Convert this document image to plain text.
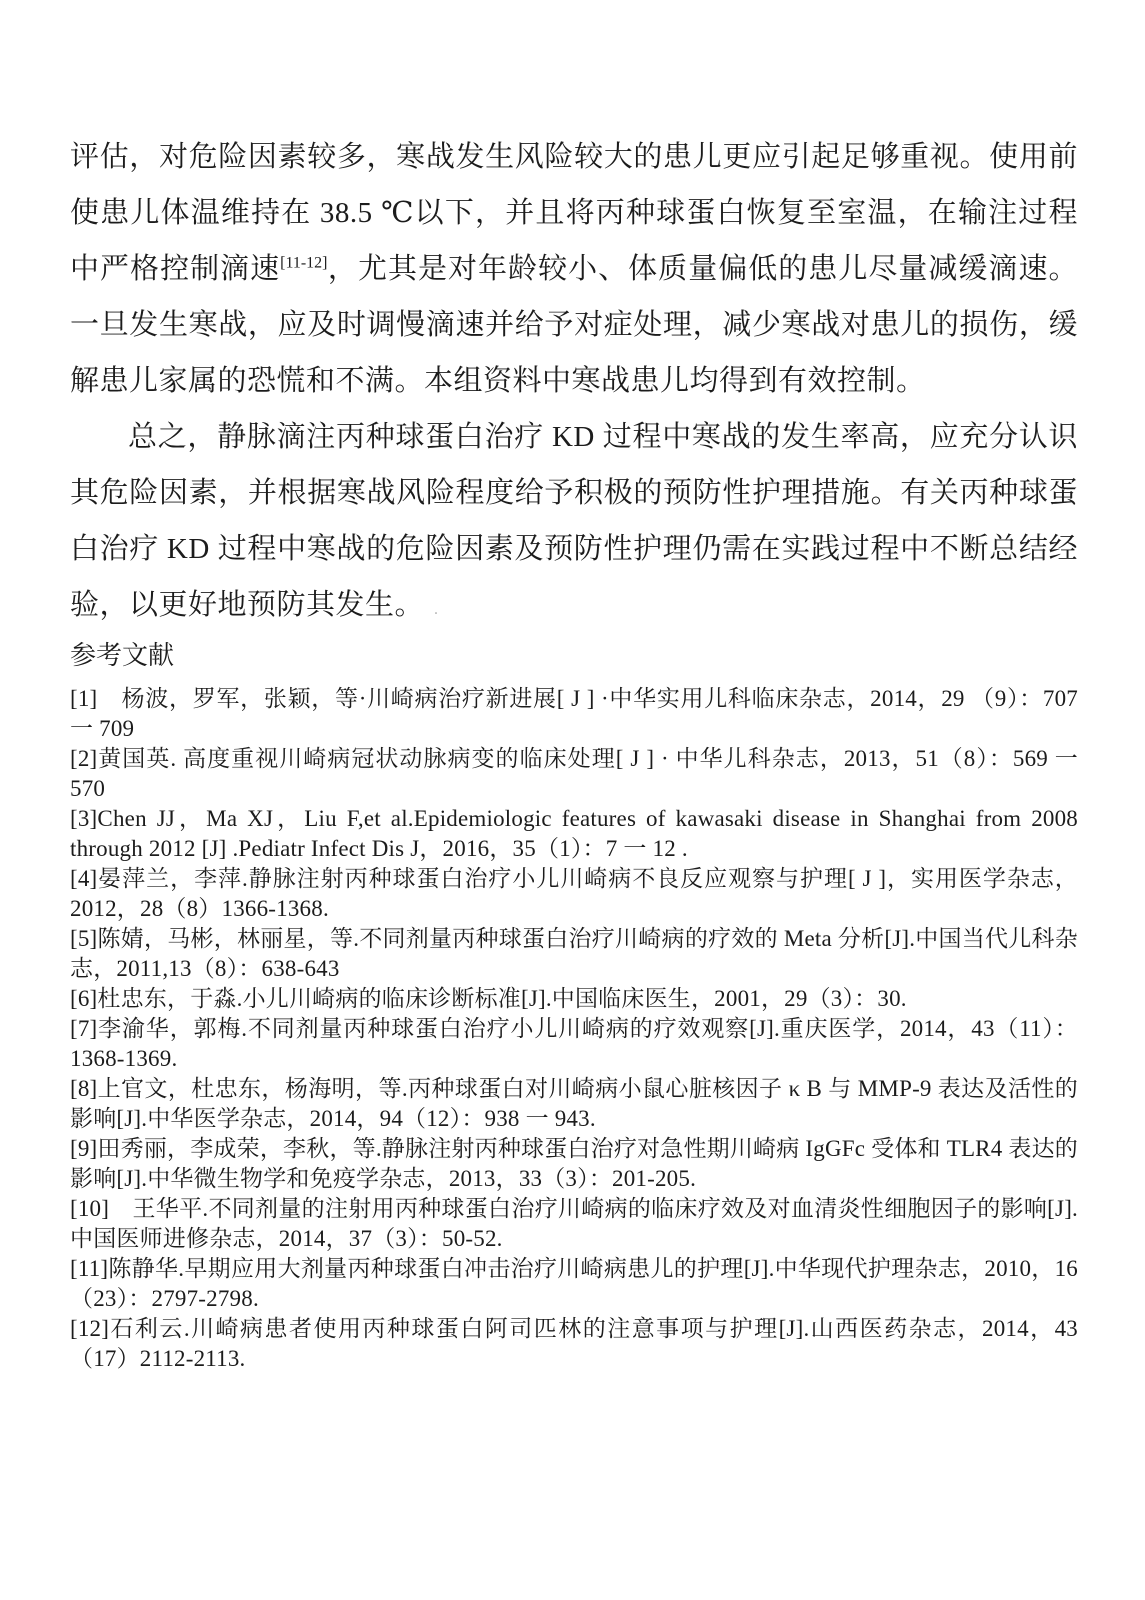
评估，对危险因素较多，寒战发生风险较大的患儿更应引起足够重视。使用前使患儿体温维持在 38.5 ℃以下，并且将丙种球蛋白恢复至室温，在输注过程中严格控制滴速[11-12]，尤其是对年龄较小、体质量偏低的患儿尽量减缓滴速。一旦发生寒战，应及时调慢滴速并给予对症处理，减少寒战对患儿的损伤，缓解患儿家属的恐慌和不满。本组资料中寒战患儿均得到有效控制。

总之，静脉滴注丙种球蛋白治疗 KD 过程中寒战的发生率高，应充分认识其危险因素，并根据寒战风险程度给予积极的预防性护理措施。有关丙种球蛋白治疗 KD 过程中寒战的危险因素及预防性护理仍需在实践过程中不断总结经验，以更好地预防其发生。 .

参考文献

[1]　杨波，罗军，张颖，等·川崎病治疗新进展[ J ] ·中华实用儿科临床杂志，2014，29 （9）：707 一 709

[2]黄国英. 高度重视川崎病冠状动脉病变的临床处理[ J ] · 中华儿科杂志，2013，51（8）：569 一 570

[3]Chen JJ，Ma XJ，Liu F,et al.Epidemiologic features of kawasaki disease in Shanghai from 2008 through 2012 [J] .Pediatr Infect Dis J，2016，35（1）：7 一 12 .

[4]晏萍兰，李萍.静脉注射丙种球蛋白治疗小儿川崎病不良反应观察与护理[ J ]，实用医学杂志，2012，28（8）1366-1368.

[5]陈婧，马彬，林丽星，等.不同剂量丙种球蛋白治疗川崎病的疗效的 Meta 分析[J].中国当代儿科杂志，2011,13（8）：638-643

[6]杜忠东，于淼.小儿川崎病的临床诊断标准[J].中国临床医生，2001，29（3）：30.

[7]李渝华，郭梅.不同剂量丙种球蛋白治疗小儿川崎病的疗效观察[J].重庆医学，2014，43（11）：1368-1369.

[8]上官文，杜忠东，杨海明，等.丙种球蛋白对川崎病小鼠心脏核因子 κ B 与 MMP-9 表达及活性的影响[J].中华医学杂志，2014，94（12）：938 一 943.

[9]田秀丽，李成荣，李秋，等.静脉注射丙种球蛋白治疗对急性期川崎病 IgGFc 受体和 TLR4 表达的影响[J].中华微生物学和免疫学杂志，2013，33（3）：201-205.

[10]　王华平.不同剂量的注射用丙种球蛋白治疗川崎病的临床疗效及对血清炎性细胞因子的影响[J].中国医师进修杂志，2014，37（3）：50-52.

[11]陈静华.早期应用大剂量丙种球蛋白冲击治疗川崎病患儿的护理[J].中华现代护理杂志，2010，16（23）：2797-2798.

[12]石利云.川崎病患者使用丙种球蛋白阿司匹林的注意事项与护理[J].山西医药杂志，2014，43（17）2112-2113.
